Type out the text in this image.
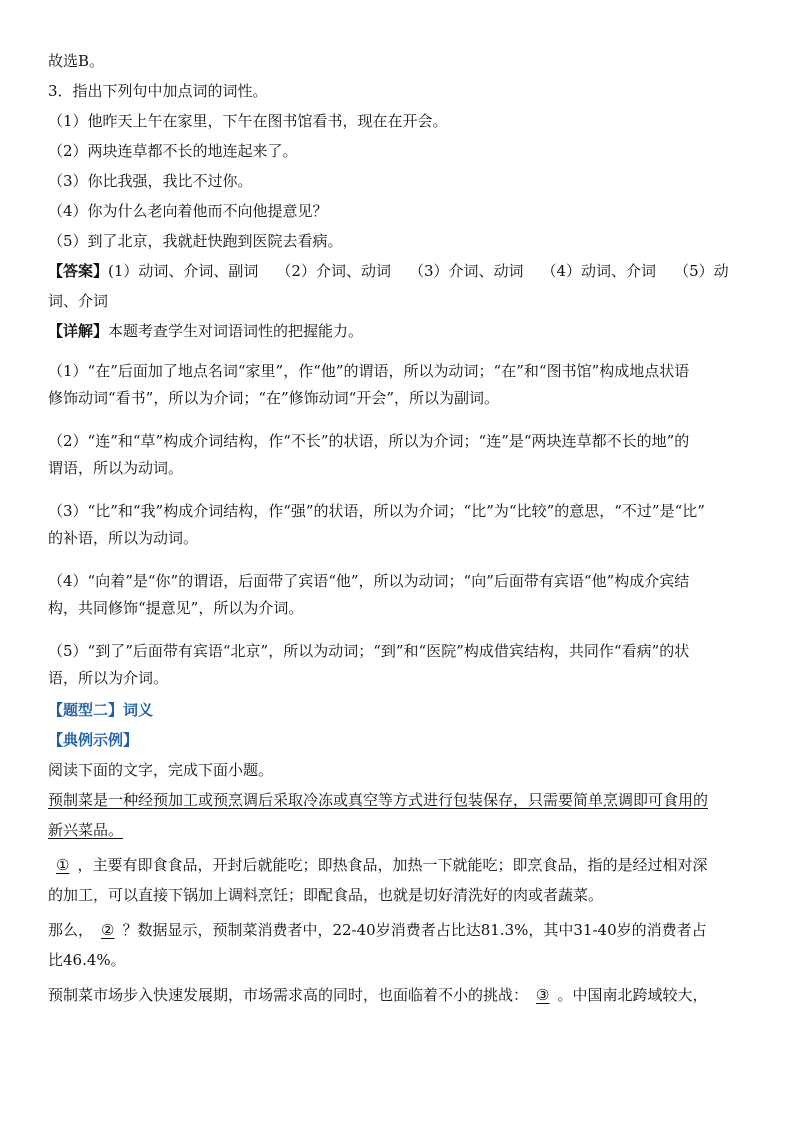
故选B。

3．指出下列句中加点词的词性。

（1）他昨天上午在家里，下午在图书馆看书，现在在开会。

（2）两块连草都不长的地连起来了。

（3）你比我强，我比不过你。

（4）你为什么老向着他而不向他提意见？

（5）到了北京，我就赶快跑到医院去看病。

【答案】(1）动词、介词、副词 （2）介词、动词 （3）介词、动词 （4）动词、介词 （5）动

词、介词

【详解】本题考查学生对词语词性的把握能力。

（1）“在”后面加了地点名词“家里”，作“他”的谓语，所以为动词；“在”和“图书馆”构成地点状语

修饰动词“看书”，所以为介词；“在”修饰动词“开会”，所以为副词。

（2）“连”和“草”构成介词结构，作“不长”的状语，所以为介词；“连”是“两块连草都不长的地”的

谓语，所以为动词。

（3）“比”和“我”构成介词结构，作“强”的状语，所以为介词；“比”为“比较”的意思，“不过”是“比”

的补语，所以为动词。

（4）“向着”是“你”的谓语，后面带了宾语“他”，所以为动词；“向”后面带有宾语“他”构成介宾结

构，共同修饰“提意见”，所以为介词。

（5）“到了”后面带有宾语“北京”，所以为动词；“到”和“医院”构成借宾结构，共同作“看病”的状

语，所以为介词。

【题型二】词义

【典例示例】

阅读下面的文字，完成下面小题。

预制菜是一种经预加工或预烹调后采取冷冻或真空等方式进行包装保存，只需要简单烹调即可食用的

新兴菜品。

① ，主要有即食食品，开封后就能吃；即热食品，加热一下就能吃；即烹食品，指的是经过相对深

的加工，可以直接下锅加上调料烹饪；即配食品，也就是切好清洗好的肉或者蔬菜。

那么， ② ？数据显示，预制菜消费者中，22-40岁消费者占比达81.3%，其中31-40岁的消费者占

比46.4%。

预制菜市场步入快速发展期，市场需求高的同时，也面临着不小的挑战： ③ 。中国南北跨域较大，
